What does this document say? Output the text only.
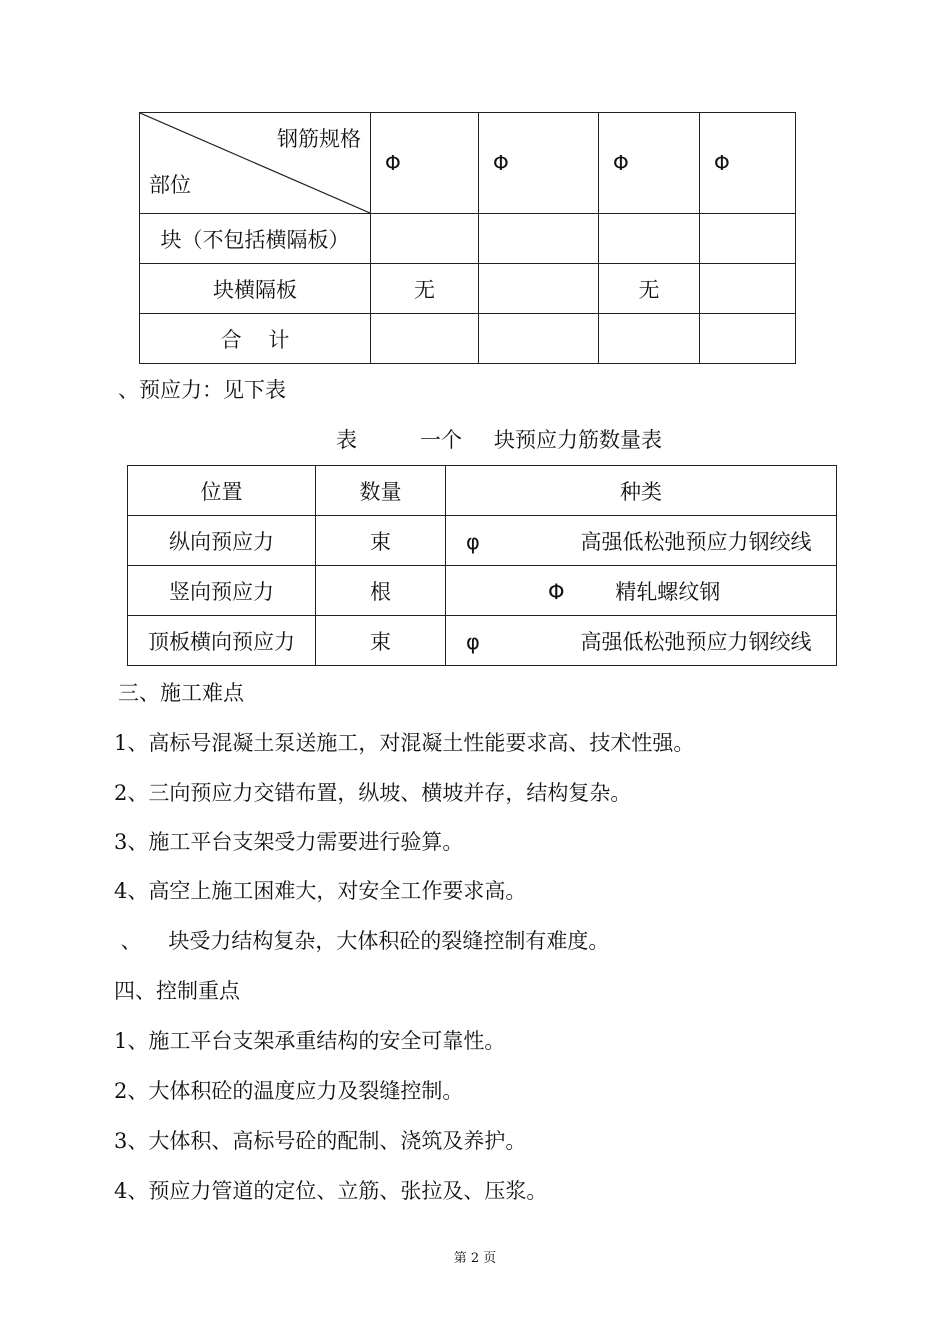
钢筋规格
部位	Φ	Φ	Φ	Φ
块（不包括横隔板）				
块横隔板	无		无	
合    计				
、预应力：见下表
表	一个 块预应力筋数量表
位置	数量	种类
纵向预应力	束	φ 高强低松弛预应力钢绞线
竖向预应力	根	Φ 精轧螺纹钢
顶板横向预应力	束	φ 高强低松弛预应力钢绞线
三、施工难点
1、高标号混凝土泵送施工，对混凝土性能要求高、技术性强。
2、三向预应力交错布置，纵坡、横坡并存，结构复杂。
3、施工平台支架受力需要进行验算。
4、高空上施工困难大，对安全工作要求高。
、    块受力结构复杂，大体积砼的裂缝控制有难度。
四、控制重点
1、施工平台支架承重结构的安全可靠性。
2、大体积砼的温度应力及裂缝控制。
3、大体积、高标号砼的配制、浇筑及养护。
4、预应力管道的定位、立筋、张拉及、压浆。
第 2 页
